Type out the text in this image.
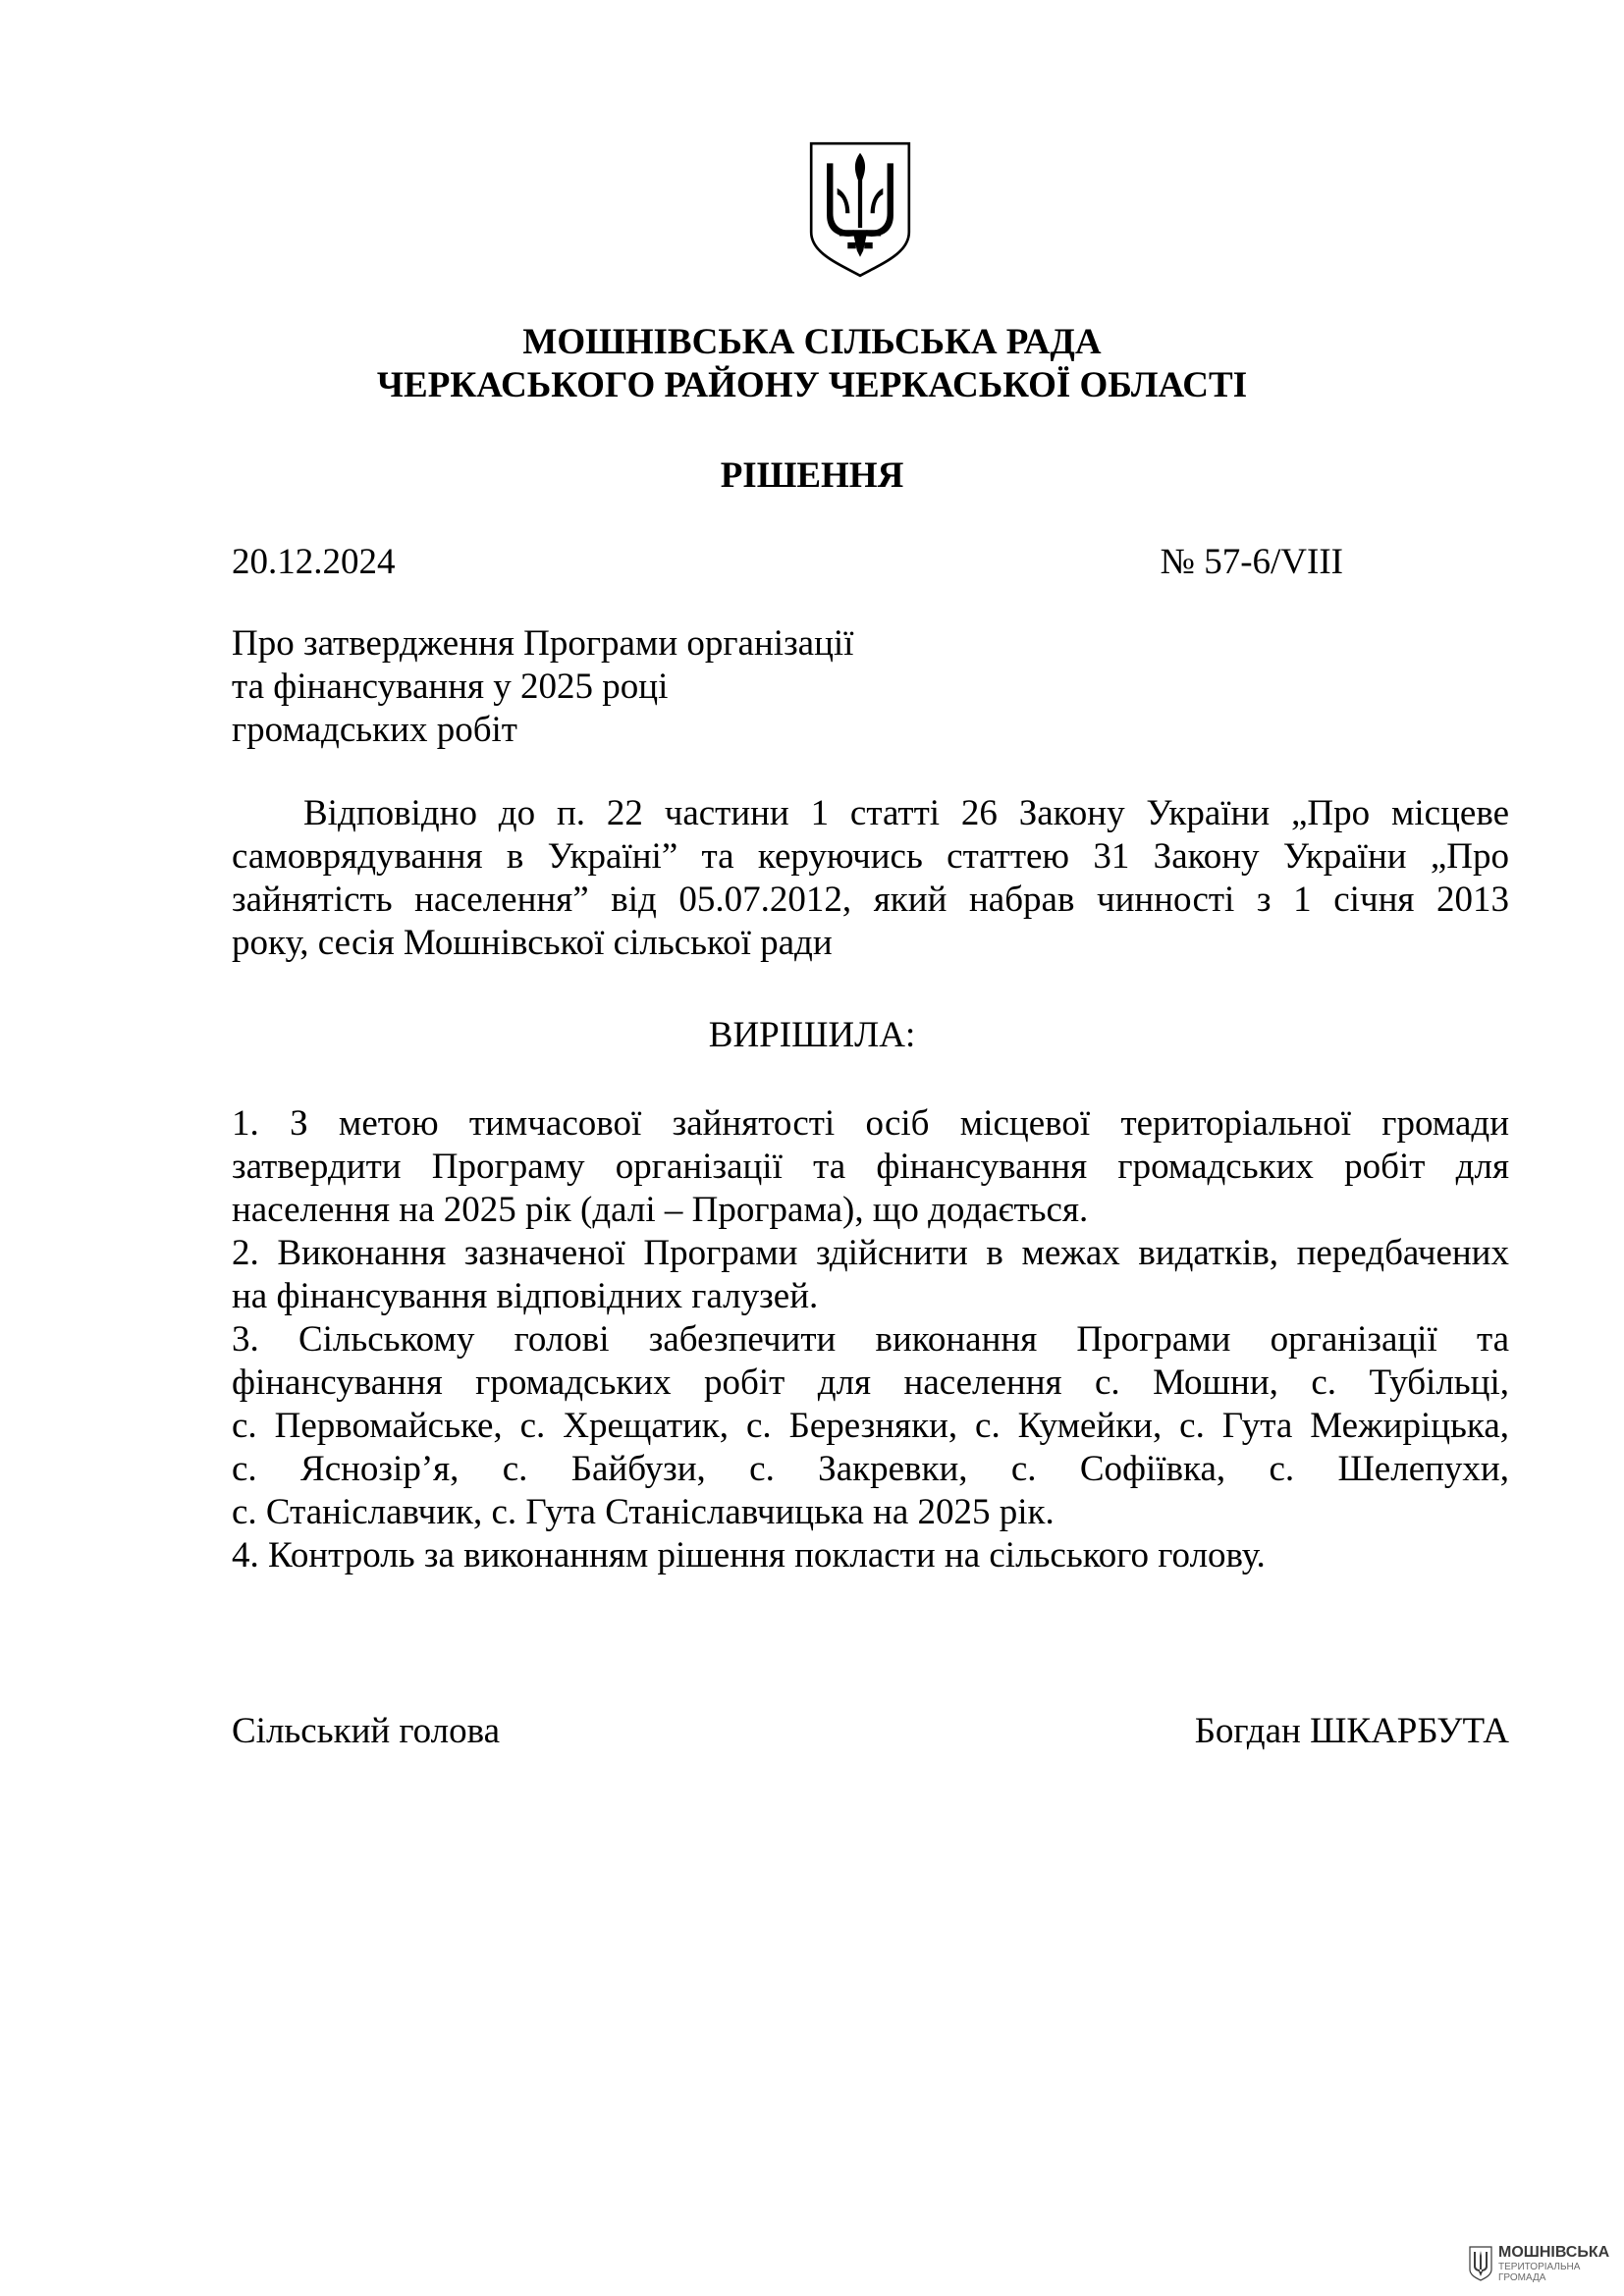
МОШНІВСЬКА СІЛЬСЬКА РАДА
ЧЕРКАСЬКОГО РАЙОНУ ЧЕРКАСЬКОЇ ОБЛАСТІ
РІШЕННЯ
20.12.2024	№ 57-6/VIII
Про затвердження Програми організації
та фінансування у 2025 році
громадських робіт
Відповідно до п. 22 частини 1 статті 26 Закону України „Про місцеве
самоврядування в Україні” та керуючись статтею 31 Закону України „Про
зайнятість населення” від 05.07.2012, який набрав чинності з 1 січня 2013
року, сесія Мошнівської сільської ради
ВИРІШИЛА:
1. З метою тимчасової зайнятості осіб місцевої територіальної громади
затвердити Програму організації та фінансування громадських робіт для
населення на 2025 рік (далі – Програма), що додається.
2. Виконання зазначеної Програми здійснити в межах видатків, передбачених
на фінансування відповідних галузей.
3. Сільському голові забезпечити виконання Програми організації та
фінансування громадських робіт для населення с. Мошни, с. Тубільці,
с. Первомайське, с. Хрещатик, с. Березняки, с. Кумейки, с. Гута Межиріцька,
с. Яснозір’я, с. Байбузи, с. Закревки, с. Софіївка, с. Шелепухи,
с. Станіславчик, с. Гута Станіславчицька на 2025 рік.
4. Контроль за виконанням рішення покласти на сільського голову.
Сільський голова	Богдан ШКАРБУТА
МОШНІВСЬКА
ТЕРИТОРІАЛЬНА
ГРОМАДА
